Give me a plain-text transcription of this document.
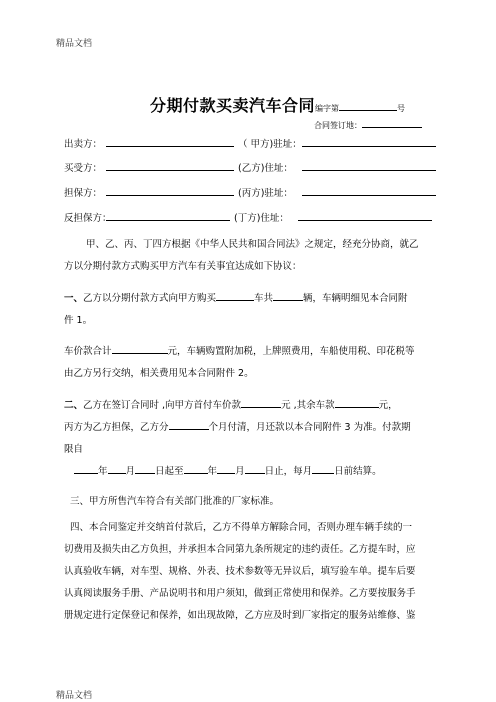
精品文档
分期付款买卖汽车合同编字第	号
合同签订地：
出卖方：	（ 甲方)驻址：
买受方：	(乙方)住址：
担保方：	(丙方)驻址：
反担保方：	(丁方)住址：
甲、乙、丙、丁四方根据《中华人民共和国合同法》之规定，经充分协商，就乙
方以分期付款方式购买甲方汽车有关事宜达成如下协议：
一、乙方以分期付款方式向甲方购买	车共	辆，车辆明细见本合同附
件 1。
车价款合计	元，车辆购置附加税，上牌照费用，车船使用税、印花税等
由乙方另行交纳，相关费用见本合同附件 2。
二、乙方在签订合同时 ,向甲方首付车价款	元 ,其余车款	元，
丙方为乙方担保，乙方分	个月付清，月还款以本合同附件 3 为准。付款期
限自
年 月 日起至	年 月 日止，每月 日前结算。
三、甲方所售汽车符合有关部门批准的厂家标准。
四、本合同鉴定并交纳首付款后，乙方不得单方解除合同，否则办理车辆手续的一
切费用及损失由乙方负担，并承担本合同第九条所规定的违约责任。乙方提车时，应
认真验收车辆，对车型、规格、外表、技术参数等无异议后，填写验车单。提车后要
认真阅读服务手册、产品说明书和用户须知，做到正常使用和保养。乙方要按服务手
册规定进行定保登记和保养，如出现故障，乙方应及时到厂家指定的服务站维修、鉴
精品文档
